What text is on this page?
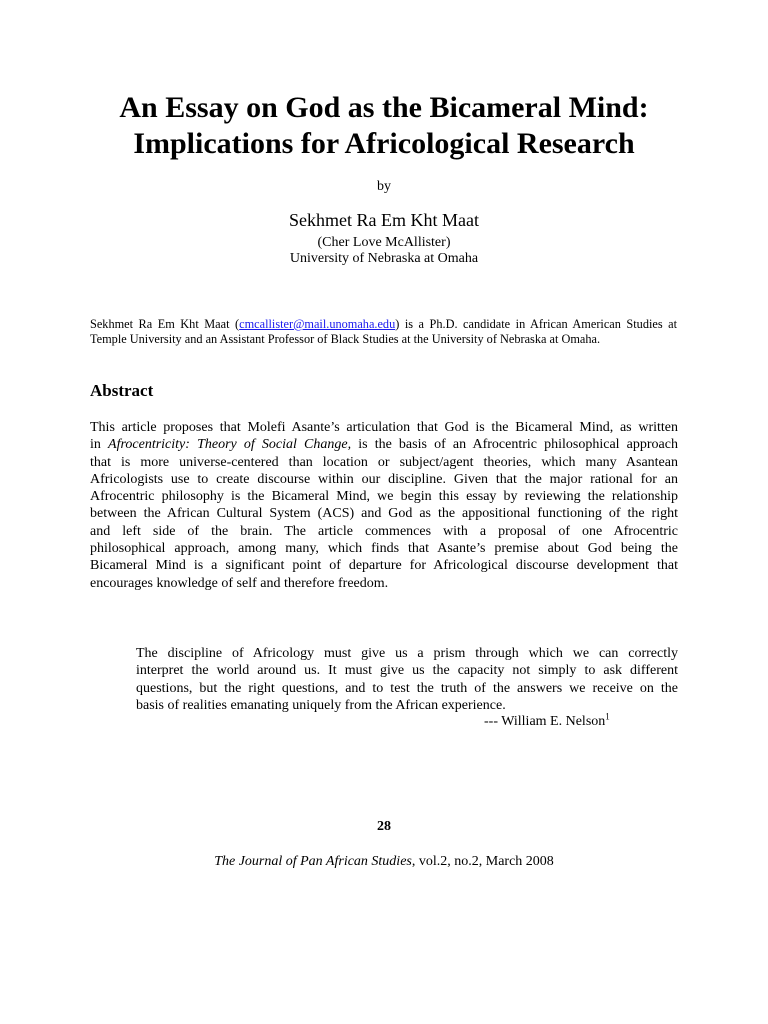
An Essay on God as the Bicameral Mind:
Implications for Africological Research
by
Sekhmet Ra Em Kht Maat
(Cher Love McAllister)
University of Nebraska at Omaha
Sekhmet Ra Em Kht Maat (cmcallister@mail.unomaha.edu) is a Ph.D. candidate in African American Studies at Temple University and an Assistant Professor of Black Studies at the University of Nebraska at Omaha.
Abstract
This article proposes that Molefi Asante’s articulation that God is the Bicameral Mind, as written
in Afrocentricity: Theory of Social Change, is the basis of an Afrocentric philosophical approach
that is more universe-centered than location or subject/agent theories, which many Asantean
Africologists use to create discourse within our discipline. Given that the major rational for an
Afrocentric philosophy is the Bicameral Mind, we begin this essay by reviewing the relationship
between the African Cultural System (ACS) and God as the appositional functioning of the right
and left side of the brain. The article commences with a proposal of one Afrocentric
philosophical approach, among many, which finds that Asante’s premise about God being the
Bicameral Mind is a significant point of departure for Africological discourse development that
encourages knowledge of self and therefore freedom.
The discipline of Africology must give us a prism through which we can correctly
interpret the world around us. It must give us the capacity not simply to ask different
questions, but the right questions, and to test the truth of the answers we receive on the
basis of realities emanating uniquely from the African experience.
--- William E. Nelson$^1$
28
The Journal of Pan African Studies, vol.2, no.2, March 2008
